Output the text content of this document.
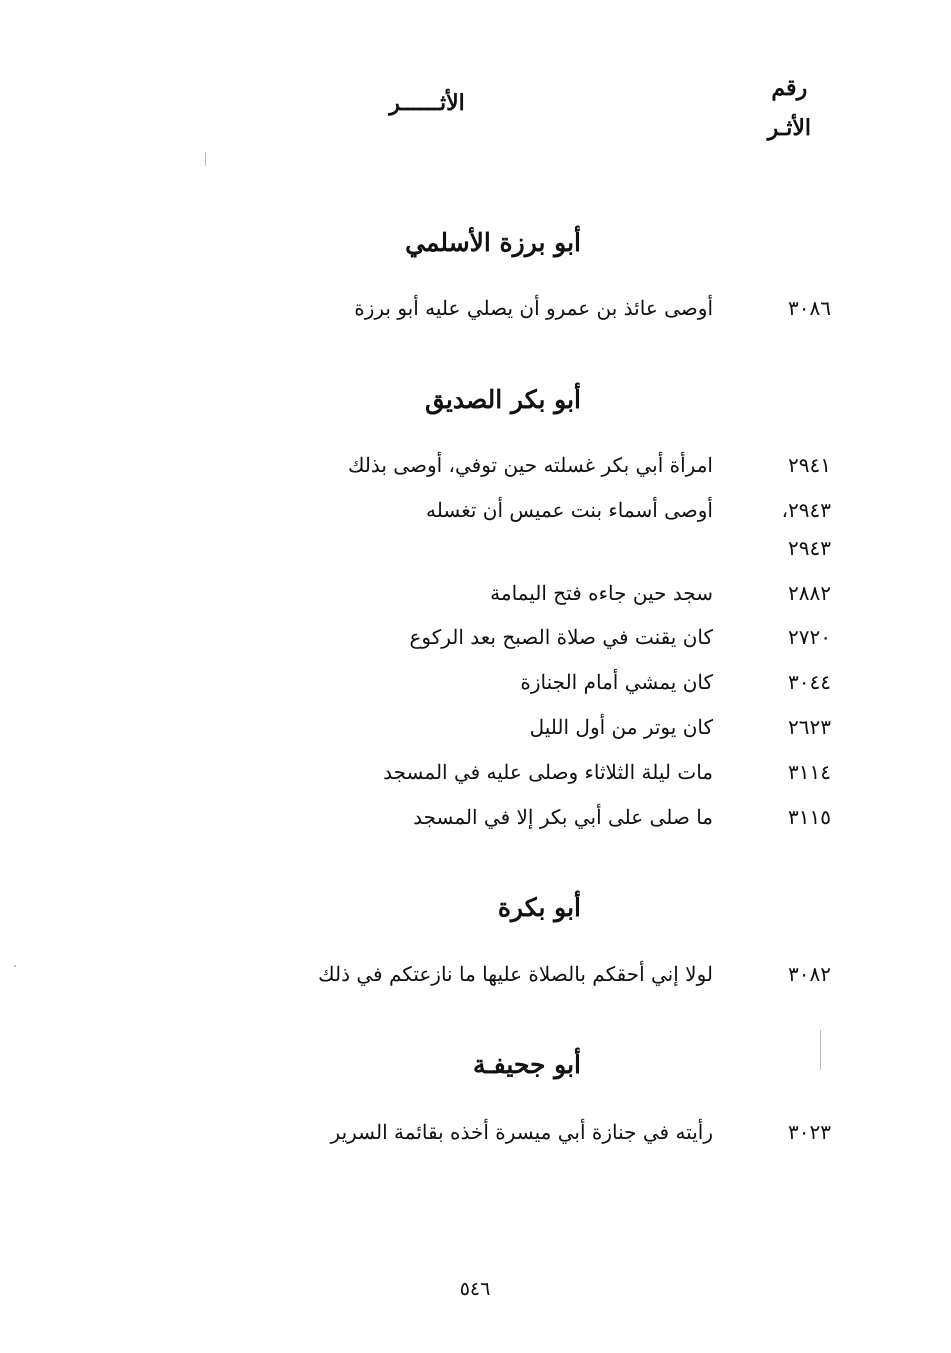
رقم
الأثـر
الأثــــــر
أبو برزة الأسلمي
٣٠٨٦
أوصى عائذ بن عمرو أن يصلي عليه أبو برزة
أبو بكر الصديق
٢٩٤١
امرأة أبي بكر غسلته حين توفي، أوصى بذلك
٢٩٤٣،
أوصى أسماء بنت عميس أن تغسله
٢٩٤٣
٢٨٨٢
سجد حين جاءه فتح اليمامة
٢٧٢٠
كان يقنت في صلاة الصبح بعد الركوع
٣٠٤٤
كان يمشي أمام الجنازة
٢٦٢٣
كان يوتر من أول الليل
٣١١٤
مات ليلة الثلاثاء وصلى عليه في المسجد
٣١١٥
ما صلى على أبي بكر إلا في المسجد
أبو بكرة
٣٠٨٢
لولا إني أحقكم بالصلاة عليها ما نازعتكم في ذلك
أبو جحيفـة
٣٠٢٣
رأيته في جنازة أبي ميسرة أخذه بقائمة السرير
٥٤٦
